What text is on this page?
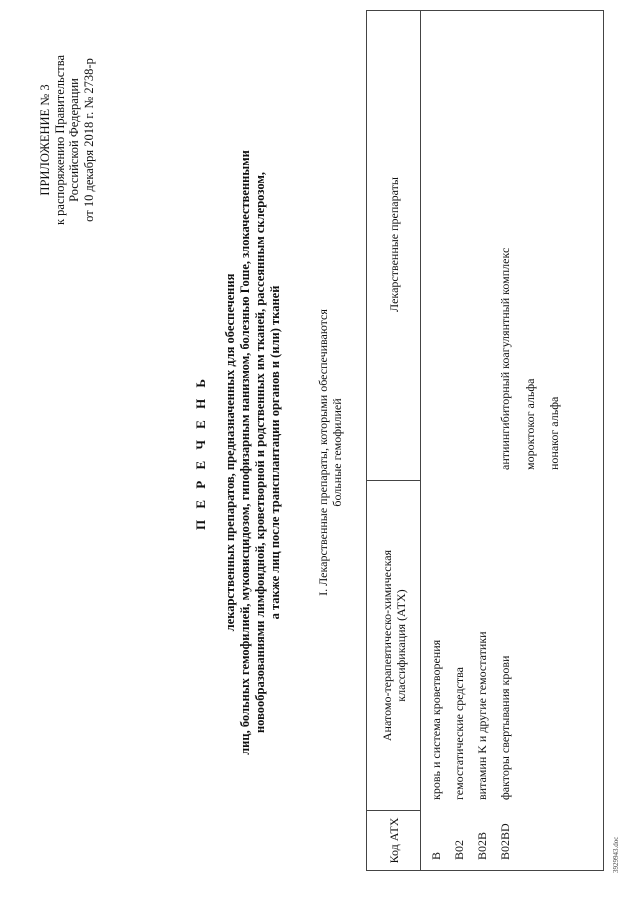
ПРИЛОЖЕНИЕ № 3 к распоряжению Правительства Российской Федерации от 10 декабря 2018 г. № 2738-р
П Е Р Е Ч Е Н Ь лекарственных препаратов, предназначенных для обеспечения лиц, больных гемофилией, муковисцидозом, гипофизарным нанизмом, болезнью Гоше, злокачественными новообразованиями лимфоидной, кроветворной и родственных им тканей, рассеянным склерозом, а также лиц после трансплантации органов и (или) тканей	I. Лекарственные препараты, которыми обеспечиваются больные гемофилией
Код АТХ
Анатомо-терапевтическо-химическая классификация (АТХ)
Лекарственные препараты
B
кровь и система кроветворения
B02
гемостатические средства
B02B
витамин K и другие гемостатики
B02BD
факторы свертывания крови
антиингибиторный коагулянтный комплекс мороктоког альфа нонаког альфа
3929943.doc
